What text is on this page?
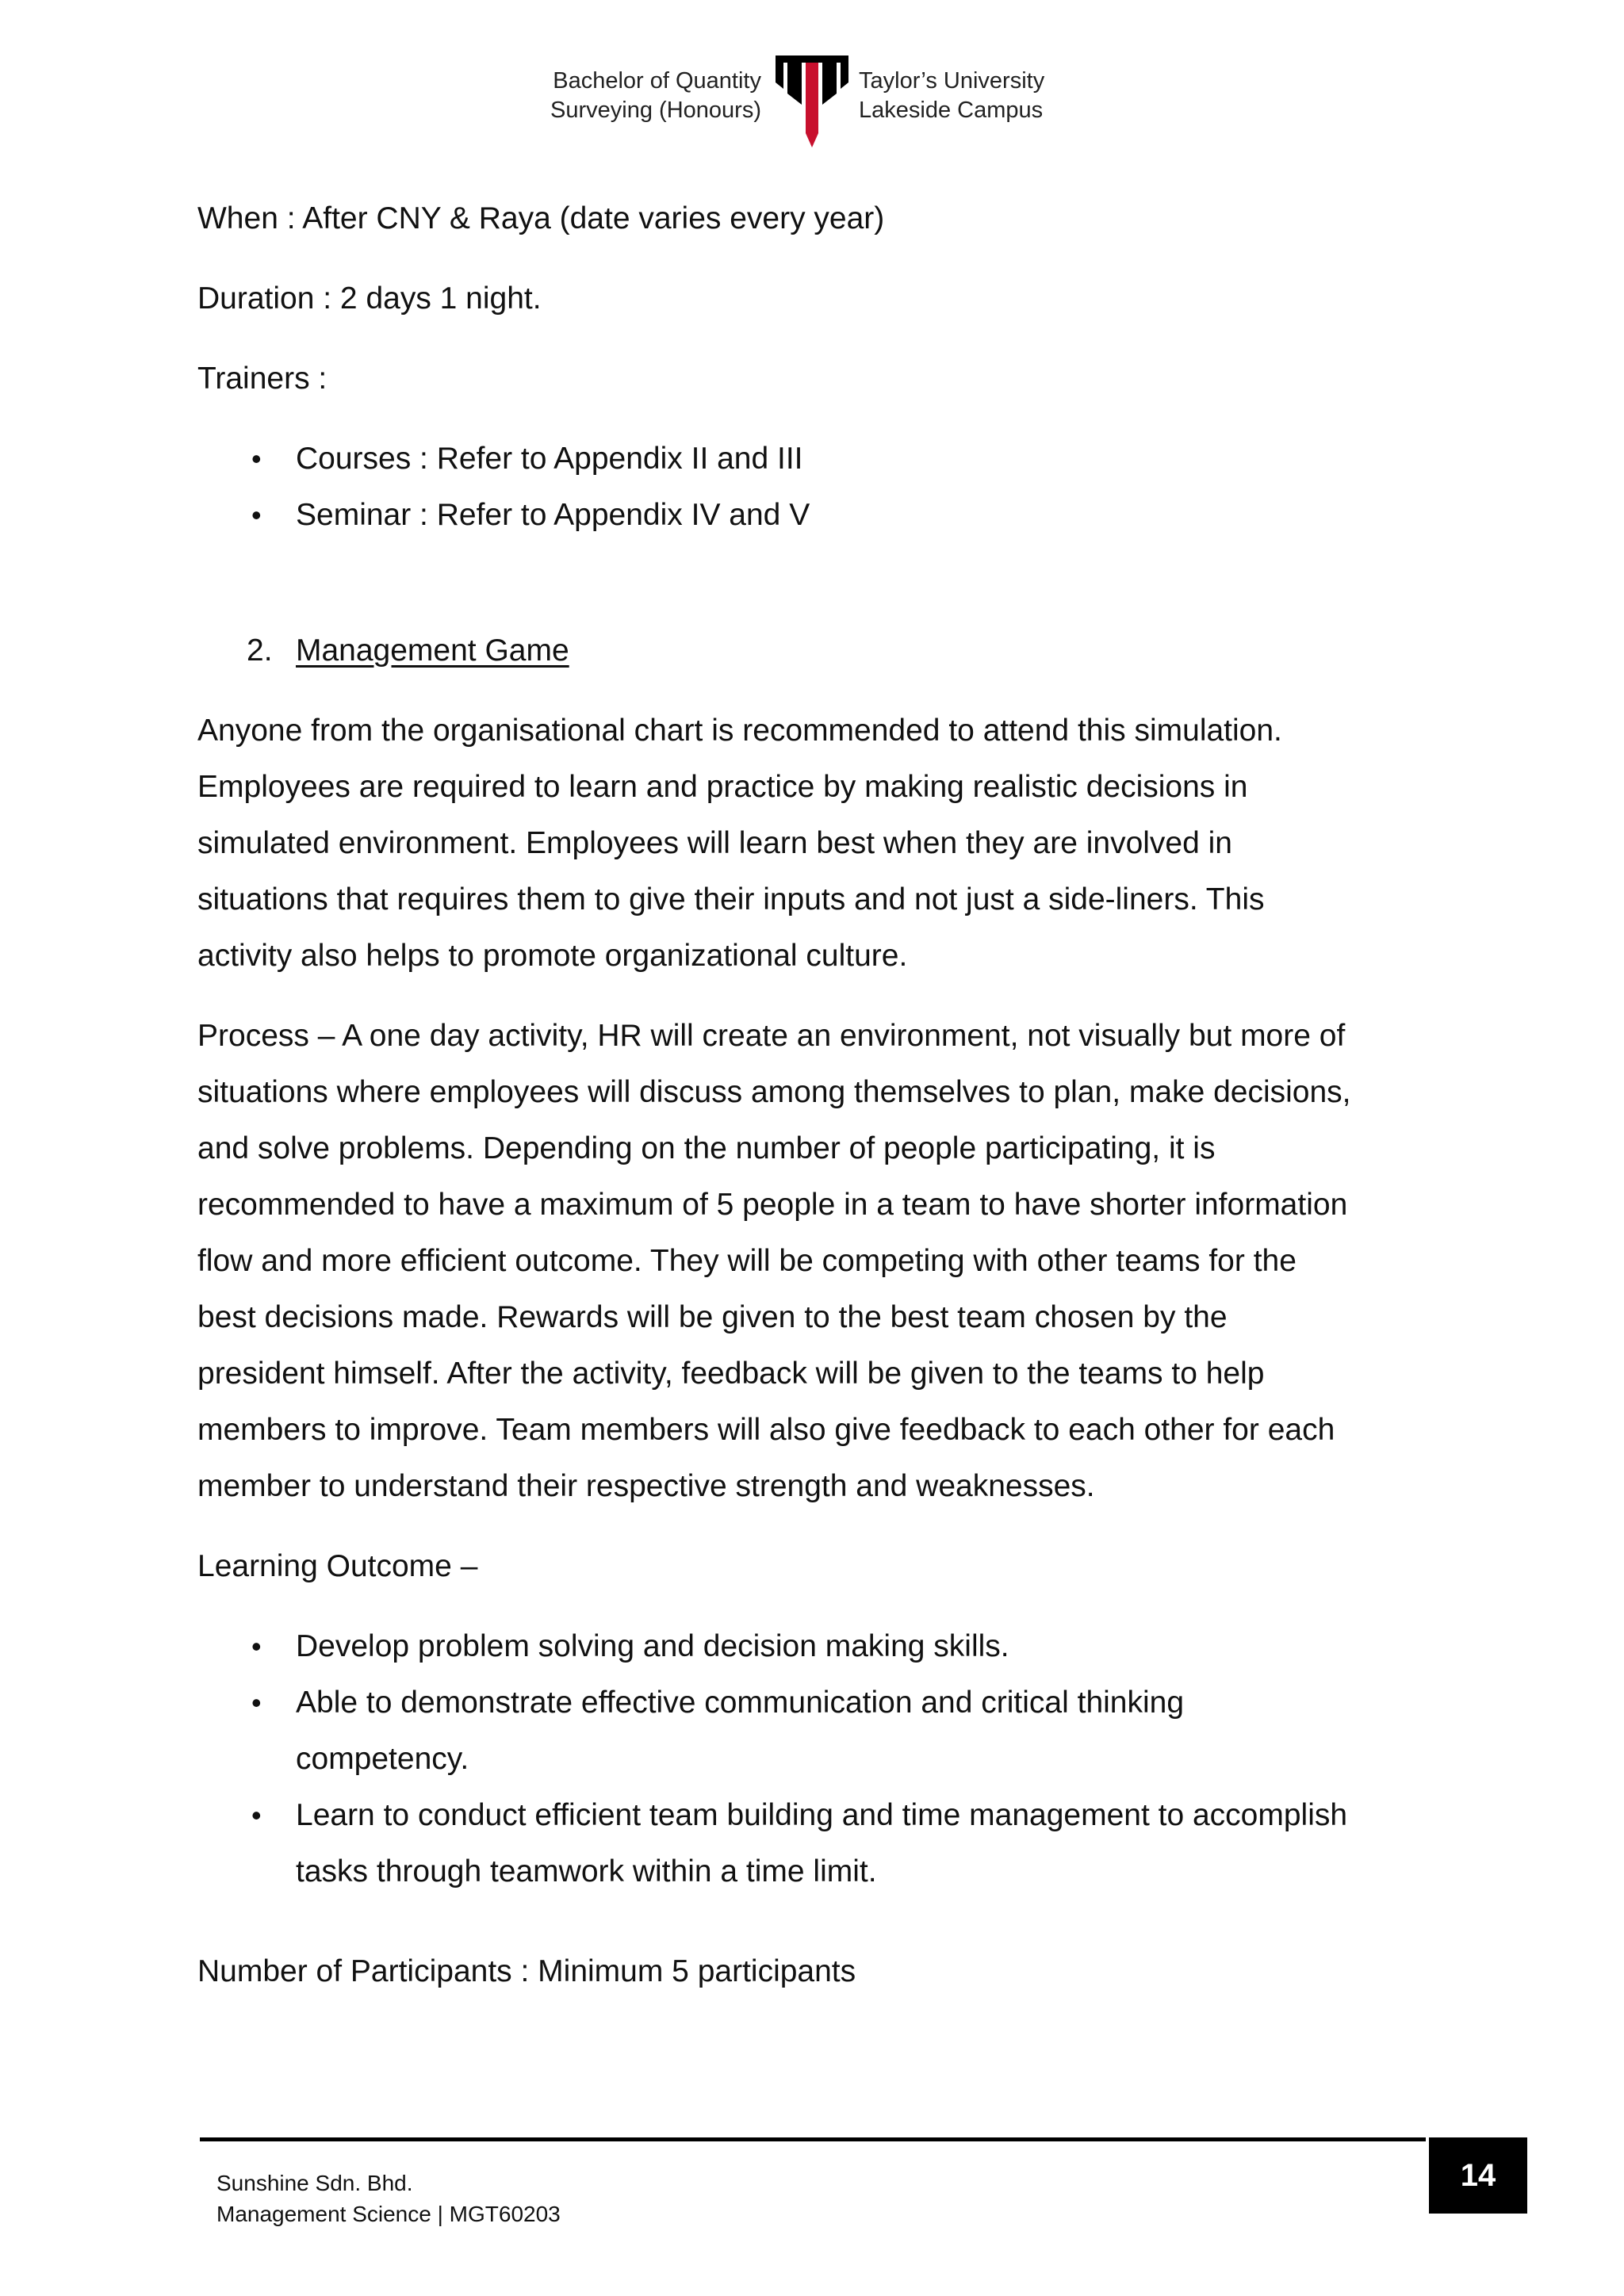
Bachelor of Quantity
Surveying (Honours)
Taylor’s University
Lakeside Campus
When : After CNY & Raya (date varies every year)
Duration : 2 days 1 night.
Trainers :
• Courses : Refer to Appendix II and III
• Seminar : Refer to Appendix IV and V
2. Management Game
Anyone from the organisational chart is recommended to attend this simulation.
Employees are required to learn and practice by making realistic decisions in
simulated environment. Employees will learn best when they are involved in
situations that requires them to give their inputs and not just a side-liners. This
activity also helps to promote organizational culture.
Process – A one day activity, HR will create an environment, not visually but more of
situations where employees will discuss among themselves to plan, make decisions,
and solve problems. Depending on the number of people participating, it is
recommended to have a maximum of 5 people in a team to have shorter information
flow and more efficient outcome. They will be competing with other teams for the
best decisions made. Rewards will be given to the best team chosen by the
president himself. After the activity, feedback will be given to the teams to help
members to improve. Team members will also give feedback to each other for each
member to understand their respective strength and weaknesses.
Learning Outcome –
• Develop problem solving and decision making skills.
• Able to demonstrate effective communication and critical thinking
competency.
• Learn to conduct efficient team building and time management to accomplish
tasks through teamwork within a time limit.
Number of Participants : Minimum 5 participants
Sunshine Sdn. Bhd.
Management Science | MGT60203
14
